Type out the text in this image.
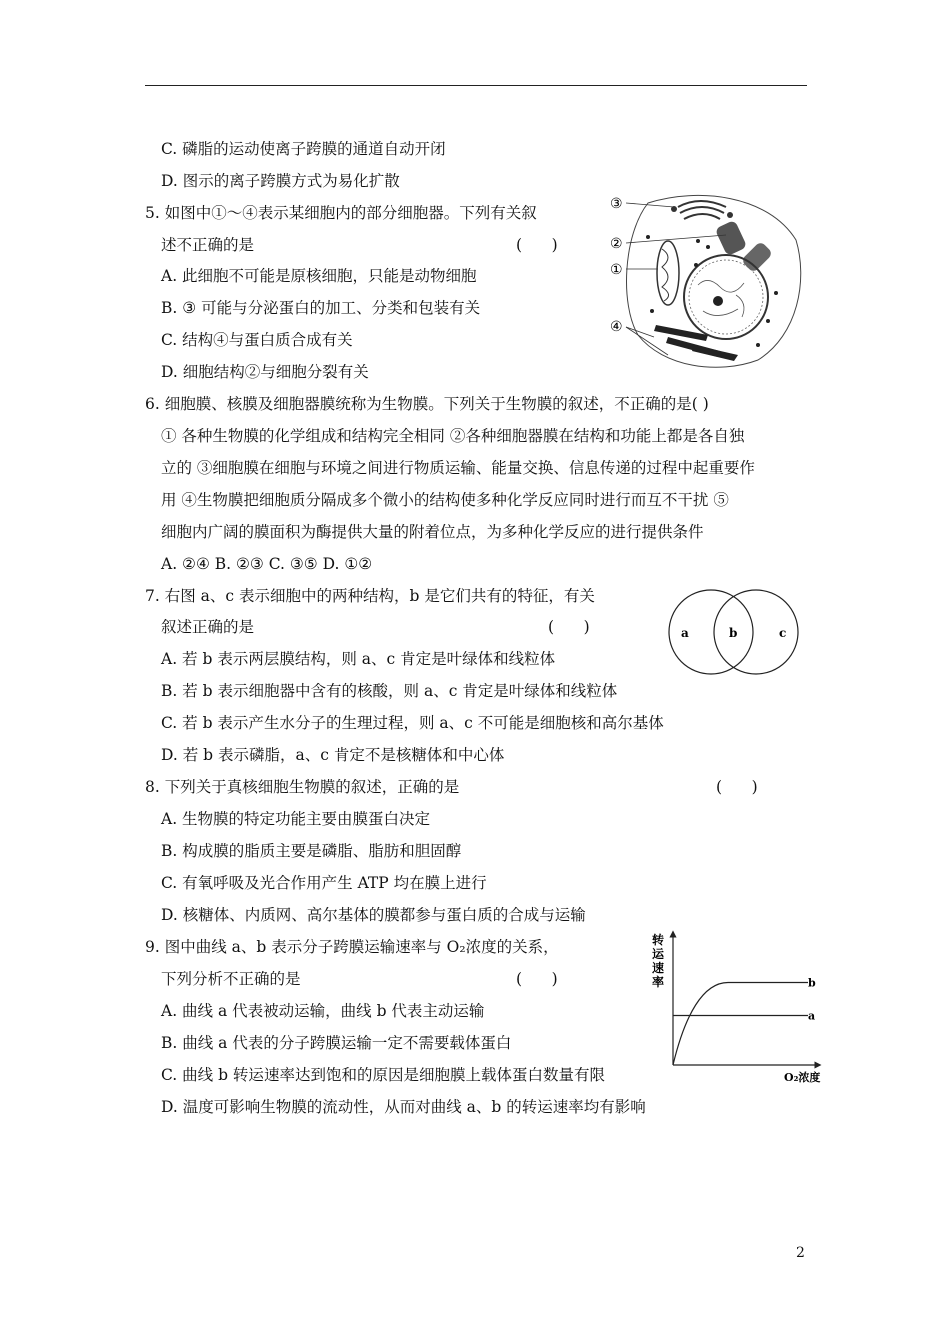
C. 磷脂的运动使离子跨膜的通道自动开闭
D. 图示的离子跨膜方式为易化扩散
5. 如图中①～④表示某细胞内的部分细胞器。下列有关叙
述不正确的是	(      )
A. 此细胞不可能是原核细胞，只能是动物细胞
B. ③ 可能与分泌蛋白的加工、分类和包装有关
C. 结构④与蛋白质合成有关
D. 细胞结构②与细胞分裂有关
③
②
①
④
6. 细胞膜、核膜及细胞器膜统称为生物膜。下列关于生物膜的叙述，不正确的是( )
① 各种生物膜的化学组成和结构完全相同 ②各种细胞器膜在结构和功能上都是各自独
立的 ③细胞膜在细胞与环境之间进行物质运输、能量交换、信息传递的过程中起重要作
用 ④生物膜把细胞质分隔成多个微小的结构使多种化学反应同时进行而互不干扰 ⑤
细胞内广阔的膜面积为酶提供大量的附着位点，为多种化学反应的进行提供条件
A. ②④ B. ②③ C. ③⑤ D. ①②
7. 右图 a、c 表示细胞中的两种结构，b 是它们共有的特征，有关
叙述正确的是	(      )
A. 若 b 表示两层膜结构，则 a、c 肯定是叶绿体和线粒体
B. 若 b 表示细胞器中含有的核酸，则 a、c 肯定是叶绿体和线粒体
C. 若 b 表示产生水分子的生理过程，则 a、c 不可能是细胞核和高尔基体
D. 若 b 表示磷脂，a、c 肯定不是核糖体和中心体
a	b	c
8. 下列关于真核细胞生物膜的叙述，正确的是	(      )
A. 生物膜的特定功能主要由膜蛋白决定
B. 构成膜的脂质主要是磷脂、脂肪和胆固醇
C. 有氧呼吸及光合作用产生 ATP 均在膜上进行
D. 核糖体、内质网、高尔基体的膜都参与蛋白质的合成与运输
9. 图中曲线 a、b 表示分子跨膜运输速率与 O₂浓度的关系，
下列分析不正确的是	(      )
A. 曲线 a 代表被动运输，曲线 b 代表主动运输
B. 曲线 a 代表的分子跨膜运输一定不需要载体蛋白
C. 曲线 b 转运速率达到饱和的原因是细胞膜上载体蛋白数量有限
D. 温度可影响生物膜的流动性，从而对曲线 a、b 的转运速率均有影响
转
运
速
率
O₂浓度
b
a
2
